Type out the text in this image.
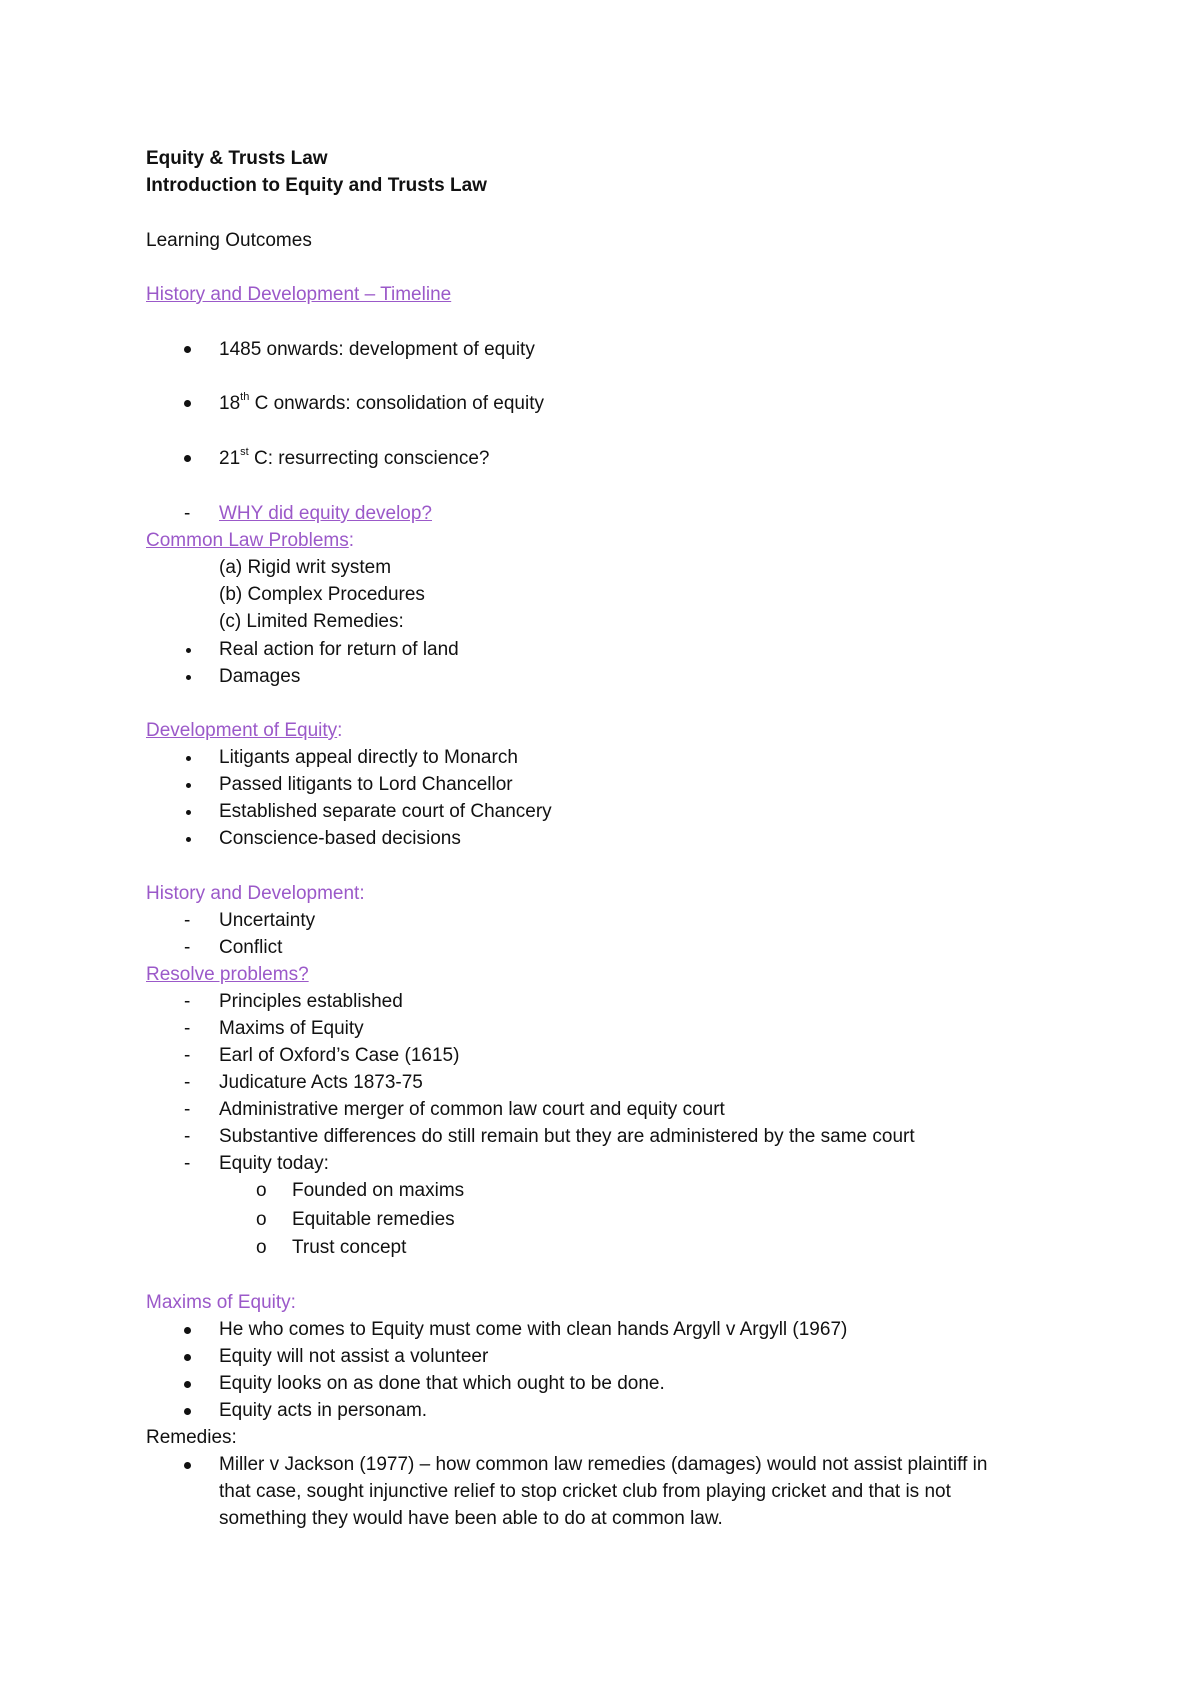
Equity & Trusts Law
Introduction to Equity and Trusts Law
Learning Outcomes
History and Development – Timeline
1485 onwards: development of equity
18th C onwards: consolidation of equity
21st C: resurrecting conscience?
- WHY did equity develop?
Common Law Problems:
(a) Rigid writ system
(b) Complex Procedures
(c) Limited Remedies:
Real action for return of land
Damages
Development of Equity:
Litigants appeal directly to Monarch
Passed litigants to Lord Chancellor
Established separate court of Chancery
Conscience-based decisions
History and Development:
- Uncertainty
- Conflict
Resolve problems?
- Principles established
- Maxims of Equity
- Earl of Oxford’s Case (1615)
- Judicature Acts 1873-75
- Administrative merger of common law court and equity court
- Substantive differences do still remain but they are administered by the same court
- Equity today:
o Founded on maxims
o Equitable remedies
o Trust concept
Maxims of Equity:
He who comes to Equity must come with clean hands Argyll v Argyll (1967)
Equity will not assist a volunteer
Equity looks on as done that which ought to be done.
Equity acts in personam.
Remedies:
Miller v Jackson (1977) – how common law remedies (damages) would not assist plaintiff in
that case, sought injunctive relief to stop cricket club from playing cricket and that is not
something they would have been able to do at common law.
